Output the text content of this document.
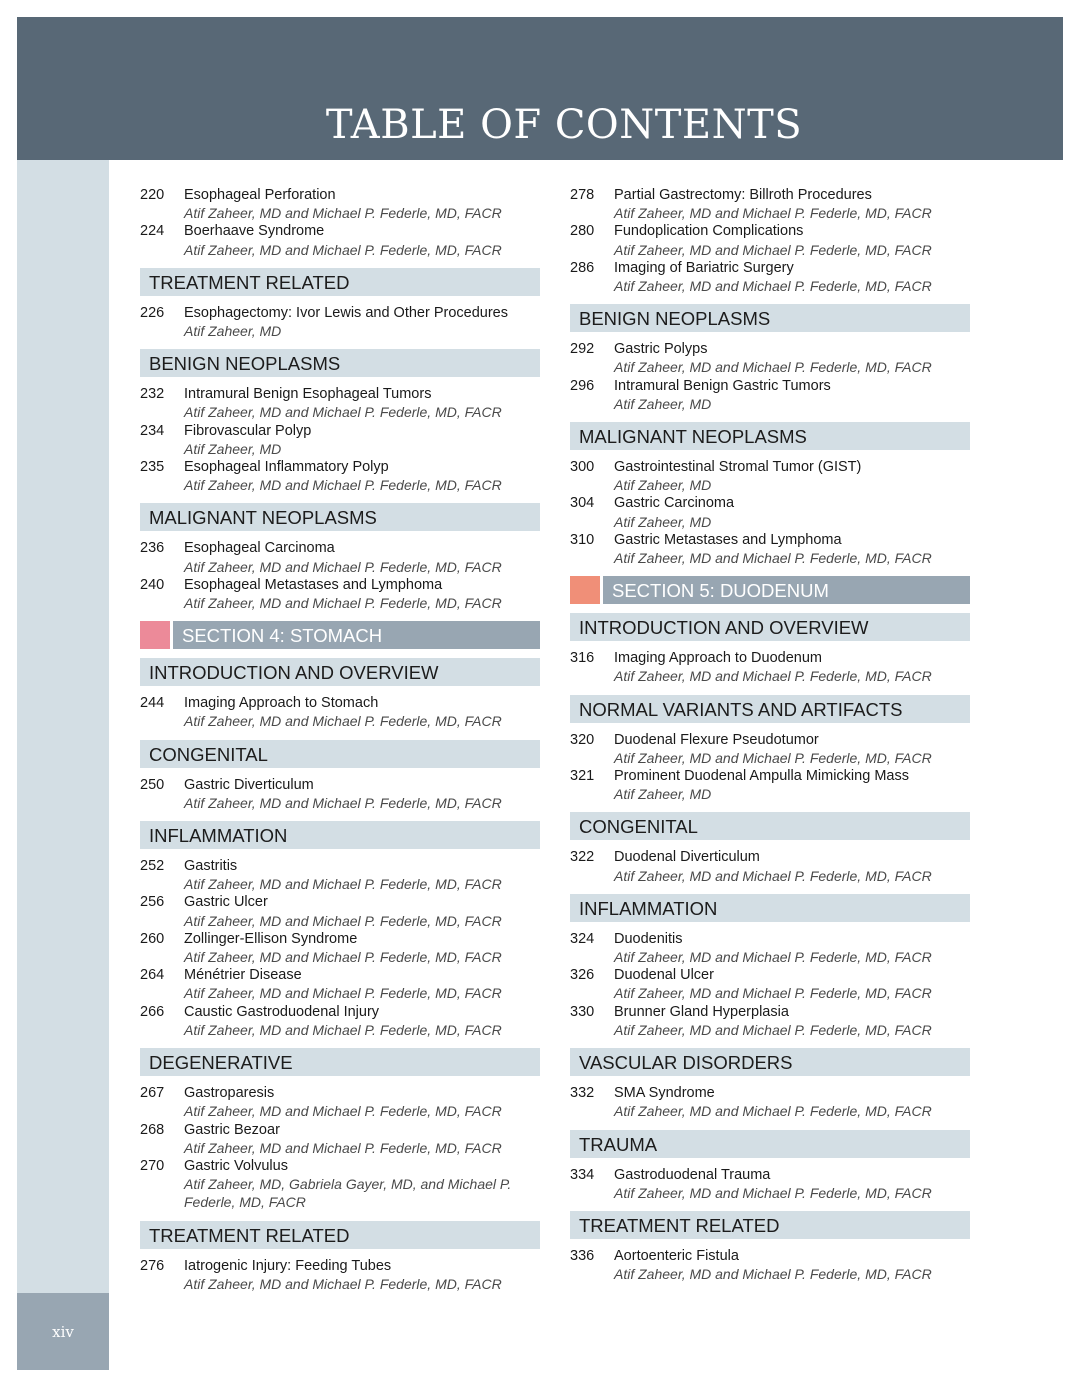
TABLE OF CONTENTS
xiv
220	Esophageal Perforation
Atif Zaheer, MD and Michael P. Federle, MD, FACR
224	Boerhaave Syndrome
Atif Zaheer, MD and Michael P. Federle, MD, FACR
TREATMENT RELATED
226	Esophagectomy: Ivor Lewis and Other Procedures
Atif Zaheer, MD
BENIGN NEOPLASMS
232	Intramural Benign Esophageal Tumors
Atif Zaheer, MD and Michael P. Federle, MD, FACR
234	Fibrovascular Polyp
Atif Zaheer, MD
235	Esophageal Inflammatory Polyp
Atif Zaheer, MD and Michael P. Federle, MD, FACR
MALIGNANT NEOPLASMS
236	Esophageal Carcinoma
Atif Zaheer, MD and Michael P. Federle, MD, FACR
240	Esophageal Metastases and Lymphoma
Atif Zaheer, MD and Michael P. Federle, MD, FACR
SECTION 4: STOMACH
INTRODUCTION AND OVERVIEW
244	Imaging Approach to Stomach
Atif Zaheer, MD and Michael P. Federle, MD, FACR
CONGENITAL
250	Gastric Diverticulum
Atif Zaheer, MD and Michael P. Federle, MD, FACR
INFLAMMATION
252	Gastritis
Atif Zaheer, MD and Michael P. Federle, MD, FACR
256	Gastric Ulcer
Atif Zaheer, MD and Michael P. Federle, MD, FACR
260	Zollinger-Ellison Syndrome
Atif Zaheer, MD and Michael P. Federle, MD, FACR
264	Ménétrier Disease
Atif Zaheer, MD and Michael P. Federle, MD, FACR
266	Caustic Gastroduodenal Injury
Atif Zaheer, MD and Michael P. Federle, MD, FACR
DEGENERATIVE
267	Gastroparesis
Atif Zaheer, MD and Michael P. Federle, MD, FACR
268	Gastric Bezoar
Atif Zaheer, MD and Michael P. Federle, MD, FACR
270	Gastric Volvulus
Atif Zaheer, MD, Gabriela Gayer, MD, and Michael P. Federle, MD, FACR
TREATMENT RELATED
276	Iatrogenic Injury: Feeding Tubes
Atif Zaheer, MD and Michael P. Federle, MD, FACR
278	Partial Gastrectomy: Billroth Procedures
Atif Zaheer, MD and Michael P. Federle, MD, FACR
280	Fundoplication Complications
Atif Zaheer, MD and Michael P. Federle, MD, FACR
286	Imaging of Bariatric Surgery
Atif Zaheer, MD and Michael P. Federle, MD, FACR
BENIGN NEOPLASMS
292	Gastric Polyps
Atif Zaheer, MD and Michael P. Federle, MD, FACR
296	Intramural Benign Gastric Tumors
Atif Zaheer, MD
MALIGNANT NEOPLASMS
300	Gastrointestinal Stromal Tumor (GIST)
Atif Zaheer, MD
304	Gastric Carcinoma
Atif Zaheer, MD
310	Gastric Metastases and Lymphoma
Atif Zaheer, MD and Michael P. Federle, MD, FACR
SECTION 5: DUODENUM
INTRODUCTION AND OVERVIEW
316	Imaging Approach to Duodenum
Atif Zaheer, MD and Michael P. Federle, MD, FACR
NORMAL VARIANTS AND ARTIFACTS
320	Duodenal Flexure Pseudotumor
Atif Zaheer, MD and Michael P. Federle, MD, FACR
321	Prominent Duodenal Ampulla Mimicking Mass
Atif Zaheer, MD
CONGENITAL
322	Duodenal Diverticulum
Atif Zaheer, MD and Michael P. Federle, MD, FACR
INFLAMMATION
324	Duodenitis
Atif Zaheer, MD and Michael P. Federle, MD, FACR
326	Duodenal Ulcer
Atif Zaheer, MD and Michael P. Federle, MD, FACR
330	Brunner Gland Hyperplasia
Atif Zaheer, MD and Michael P. Federle, MD, FACR
VASCULAR DISORDERS
332	SMA Syndrome
Atif Zaheer, MD and Michael P. Federle, MD, FACR
TRAUMA
334	Gastroduodenal Trauma
Atif Zaheer, MD and Michael P. Federle, MD, FACR
TREATMENT RELATED
336	Aortoenteric Fistula
Atif Zaheer, MD and Michael P. Federle, MD, FACR
